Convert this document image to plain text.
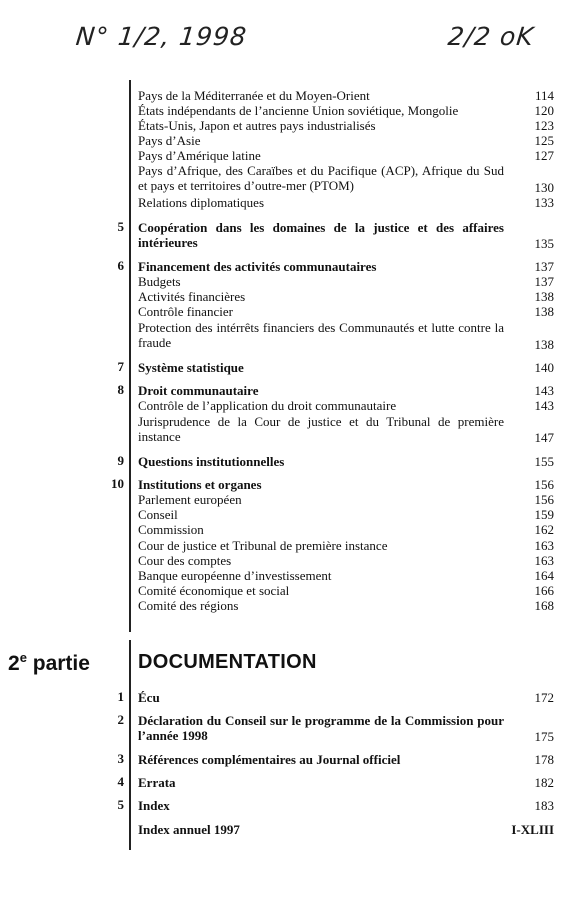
N° 1/2, 1998	2/2 oK
Pays de la Méditerranée et du Moyen-Orient	114
États indépendants de l’ancienne Union soviétique, Mongolie	120
États-Unis, Japon et autres pays industrialisés	123
Pays d’Asie	125
Pays d’Amérique latine	127
Pays d’Afrique, des Caraïbes et du Pacifique (ACP), Afrique du Sud et pays et territoires d’outre-mer (PTOM)	130
Relations diplomatiques	133
5 Coopération dans les domaines de la justice et des affaires intérieures	135
6 Financement des activités communautaires	137
Budgets	137
Activités financières	138
Contrôle financier	138
Protection des intérrêts financiers des Communautés et lutte contre la fraude	138
7 Système statistique	140
8 Droit communautaire	143
Contrôle de l’application du droit communautaire	143
Jurisprudence de la Cour de justice et du Tribunal de première instance	147
9 Questions institutionnelles	155
10 Institutions et organes	156
Parlement européen	156
Conseil	159
Commission	162
Cour de justice et Tribunal de première instance	163
Cour des comptes	163
Banque européenne d’investissement	164
Comité économique et social	166
Comité des régions	168
2e partie DOCUMENTATION
1 Écu	172
2 Déclaration du Conseil sur le programme de la Commission pour l’année 1998	175
3 Références complémentaires au Journal officiel	178
4 Errata	182
5 Index	183
Index annuel 1997	I-XLIII
